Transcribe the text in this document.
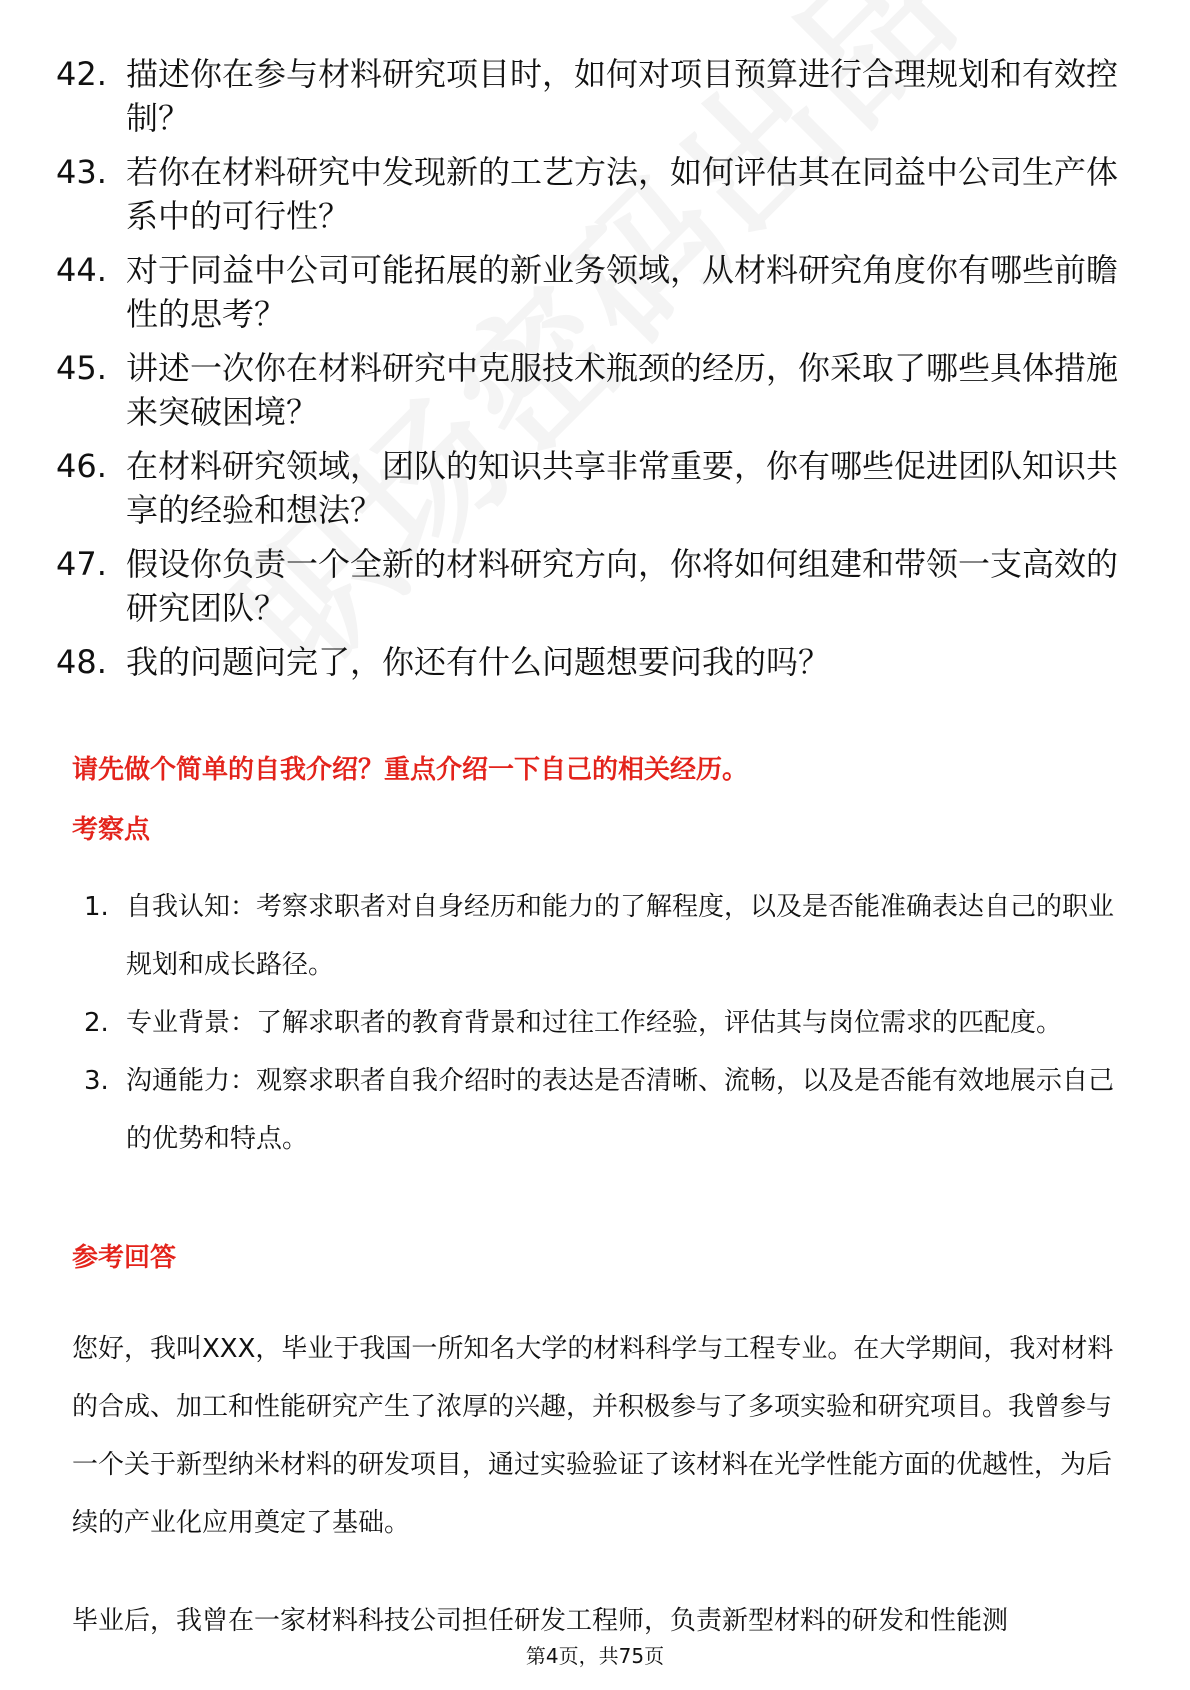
42. 描述你在参与材料研究项目时，如何对项目预算进行合理规划和有效控制？
43. 若你在材料研究中发现新的工艺方法，如何评估其在同益中公司生产体系中的可行性？
44. 对于同益中公司可能拓展的新业务领域，从材料研究角度你有哪些前瞻性的思考？
45. 讲述一次你在材料研究中克服技术瓶颈的经历，你采取了哪些具体措施来突破困境？
46. 在材料研究领域，团队的知识共享非常重要，你有哪些促进团队知识共享的经验和想法？
47. 假设你负责一个全新的材料研究方向，你将如何组建和带领一支高效的研究团队？
48. 我的问题问完了，你还有什么问题想要问我的吗？
请先做个简单的自我介绍？重点介绍一下自己的相关经历。
考察点
1. 自我认知：考察求职者对自身经历和能力的了解程度，以及是否能准确表达自己的职业规划和成长路径。
2. 专业背景：了解求职者的教育背景和过往工作经验，评估其与岗位需求的匹配度。
3. 沟通能力：观察求职者自我介绍时的表达是否清晰、流畅，以及是否能有效地展示自己的优势和特点。
参考回答

您好，我叫XXX，毕业于我国一所知名大学的材料科学与工程专业。在大学期间，我对材料的合成、加工和性能研究产生了浓厚的兴趣，并积极参与了多项实验和研究项目。我曾参与一个关于新型纳米材料的研发项目，通过实验验证了该材料在光学性能方面的优越性，为后续的产业化应用奠定了基础。

毕业后，我曾在一家材料科技公司担任研发工程师，负责新型材料的研发和性能测

第4页，共75页
